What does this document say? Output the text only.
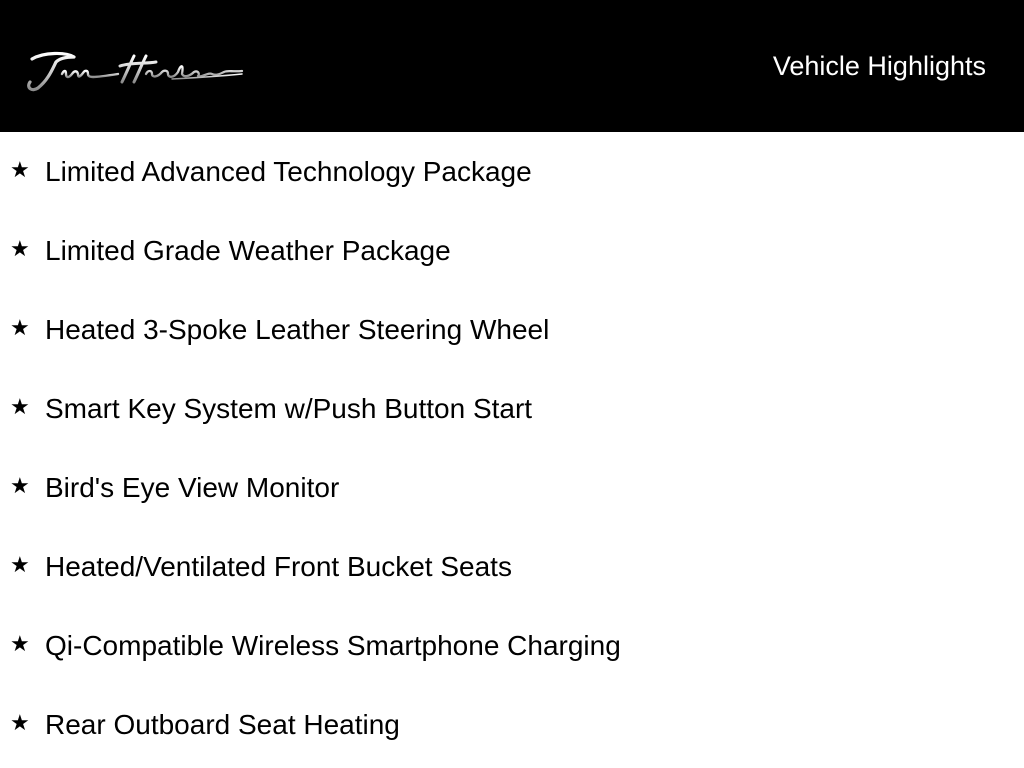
Vehicle Highlights
★ Limited Advanced Technology Package
★ Limited Grade Weather Package
★ Heated 3-Spoke Leather Steering Wheel
★ Smart Key System w/Push Button Start
★ Bird's Eye View Monitor
★ Heated/Ventilated Front Bucket Seats
★ Qi-Compatible Wireless Smartphone Charging
★ Rear Outboard Seat Heating
